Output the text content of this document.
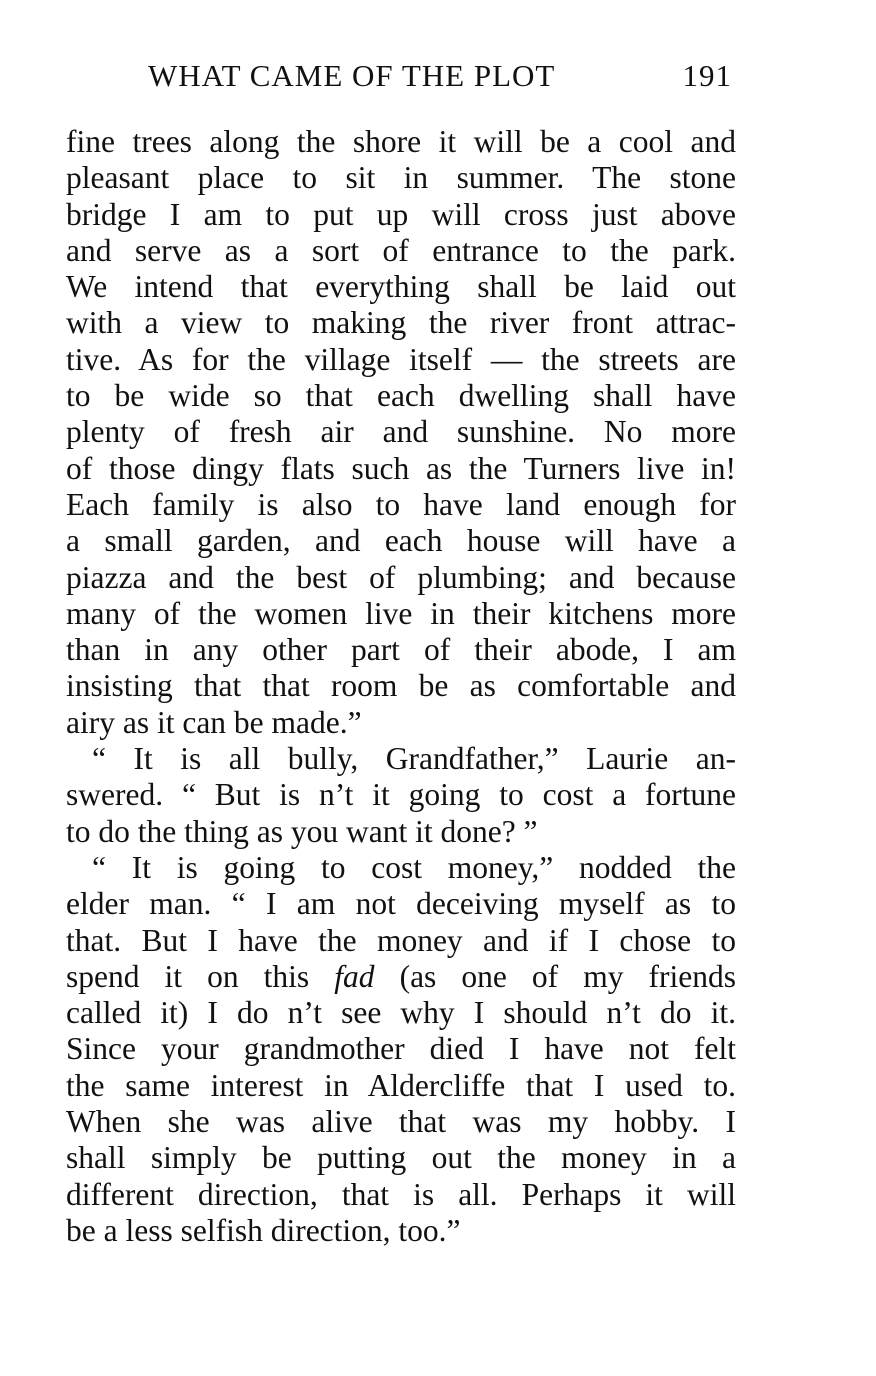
WHAT CAME OF THE PLOT	191
fine trees along the shore it will be a cool and
pleasant place to sit in summer. The stone
bridge I am to put up will cross just above
and serve as a sort of entrance to the park.
We intend that everything shall be laid out
with a view to making the river front attrac-
tive. As for the village itself — the streets are
to be wide so that each dwelling shall have
plenty of fresh air and sunshine. No more
of those dingy flats such as the Turners live in!
Each family is also to have land enough for
a small garden, and each house will have a
piazza and the best of plumbing; and because
many of the women live in their kitchens more
than in any other part of their abode, I am
insisting that that room be as comfortable and
airy as it can be made.”
“ It is all bully, Grandfather,” Laurie an-
swered. “ But is n’t it going to cost a fortune
to do the thing as you want it done? ”
“ It is going to cost money,” nodded the
elder man. “ I am not deceiving myself as to
that. But I have the money and if I chose to
spend it on this fad (as one of my friends
called it) I do n’t see why I should n’t do it.
Since your grandmother died I have not felt
the same interest in Aldercliffe that I used to.
When she was alive that was my hobby. I
shall simply be putting out the money in a
different direction, that is all. Perhaps it will
be a less selfish direction, too.”
